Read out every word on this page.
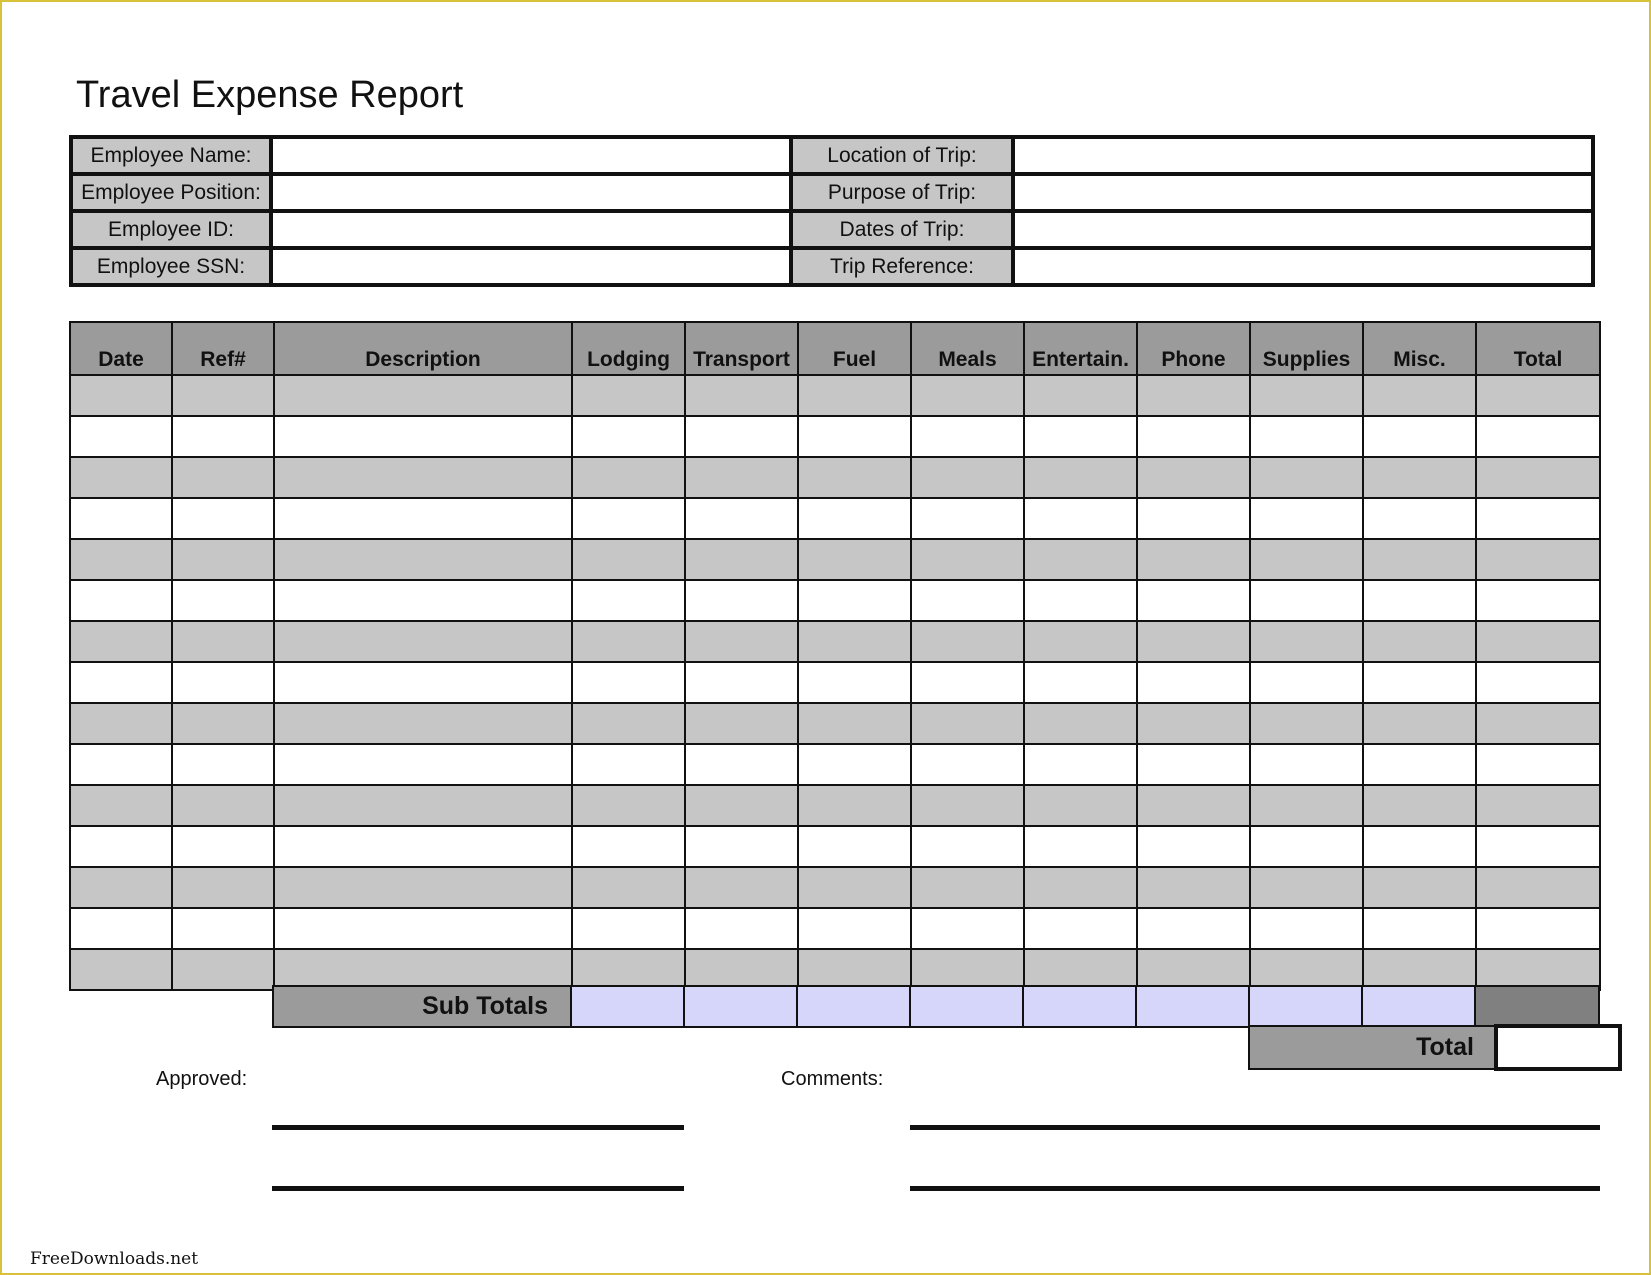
Travel Expense Report
Employee Name:		Location of Trip:	
Employee Position:		Purpose of Trip:	
Employee ID:		Dates of Trip:	
Employee SSN:		Trip Reference:	
Date	Ref#	Description	Lodging	Transport	Fuel	Meals	Entertain.	Phone	Supplies	Misc.	Total

Sub Totals									
Total	
Approved:	Comments:
FreeDownloads.net
